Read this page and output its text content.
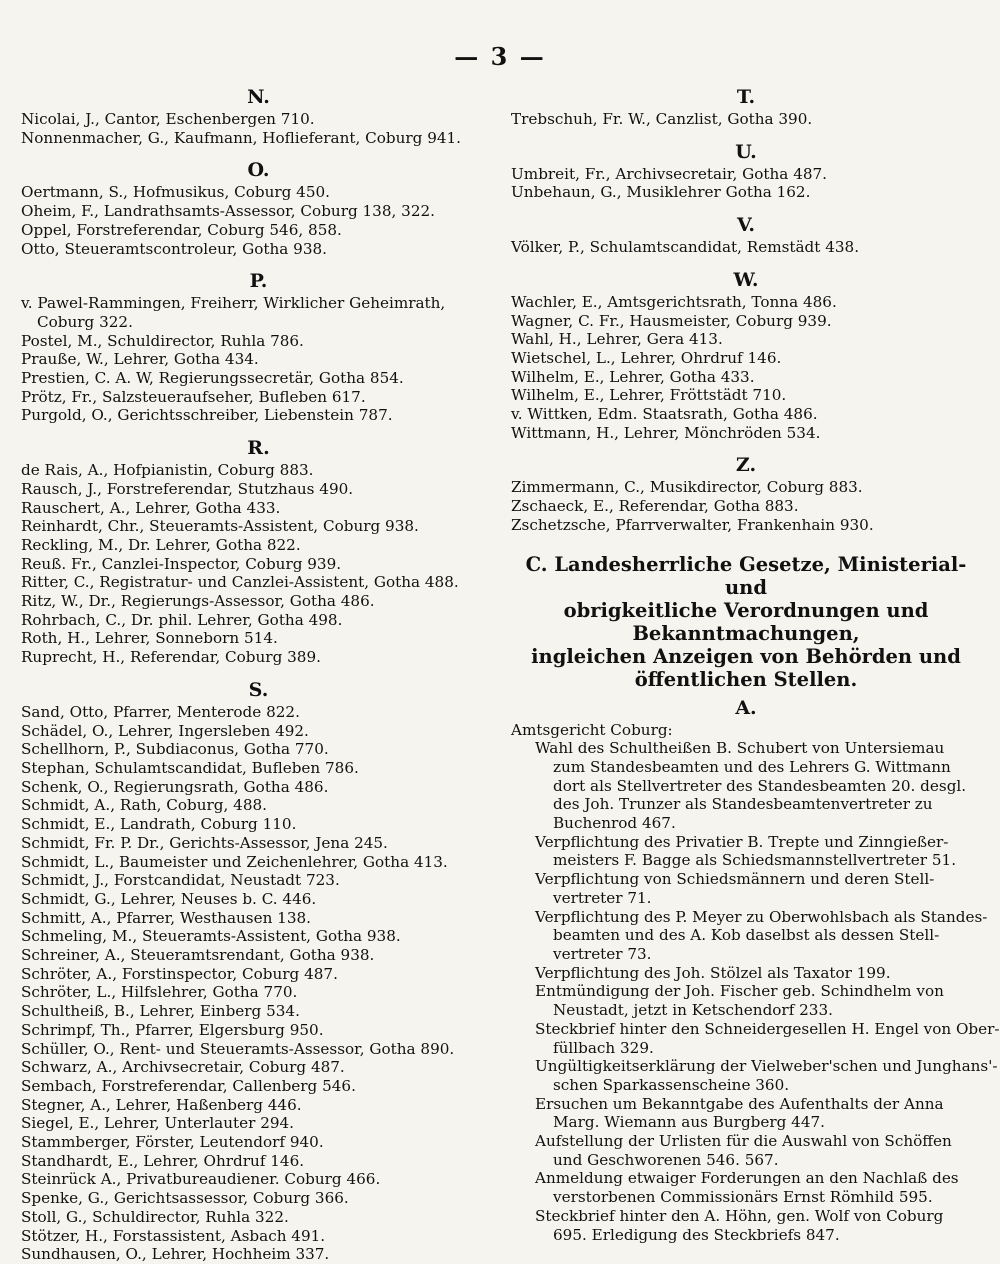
— 3 —
N.
Nicolai, J., Cantor, Eschenbergen 710.
Nonnenmacher, G., Kaufmann, Hoflieferant, Coburg 941.
O.
Oertmann, S., Hofmusikus, Coburg 450.
Oheim, F., Landrathsamts-Assessor, Coburg 138, 322.
Oppel, Forstreferendar, Coburg 546, 858.
Otto, Steueramtscontroleur, Gotha 938.
P.
v. Pawel-Rammingen, Freiherr, Wirklicher Geheimrath,
Coburg 322.
Postel, M., Schuldirector, Ruhla 786.
Prauße, W., Lehrer, Gotha 434.
Prestien, C. A. W, Regierungssecretär, Gotha 854.
Prötz, Fr., Salzsteueraufseher, Bufleben 617.
Purgold, O., Gerichtsschreiber, Liebenstein 787.
R.
de Rais, A., Hofpianistin, Coburg 883.
Rausch, J., Forstreferendar, Stutzhaus 490.
Rauschert, A., Lehrer, Gotha 433.
Reinhardt, Chr., Steueramts-Assistent, Coburg 938.
Reckling, M., Dr. Lehrer, Gotha 822.
Reuß. Fr., Canzlei-Inspector, Coburg 939.
Ritter, C., Registratur- und Canzlei-Assistent, Gotha 488.
Ritz, W., Dr., Regierungs-Assessor, Gotha 486.
Rohrbach, C., Dr. phil. Lehrer, Gotha 498.
Roth, H., Lehrer, Sonneborn 514.
Ruprecht, H., Referendar, Coburg 389.
S.
Sand, Otto, Pfarrer, Menterode 822.
Schädel, O., Lehrer, Ingersleben 492.
Schellhorn, P., Subdiaconus, Gotha 770.
Stephan, Schulamtscandidat, Bufleben 786.
Schenk, O., Regierungsrath, Gotha 486.
Schmidt, A., Rath, Coburg, 488.
Schmidt, E., Landrath, Coburg 110.
Schmidt, Fr. P. Dr., Gerichts-Assessor, Jena 245.
Schmidt, L., Baumeister und Zeichenlehrer, Gotha 413.
Schmidt, J., Forstcandidat, Neustadt 723.
Schmidt, G., Lehrer, Neuses b. C. 446.
Schmitt, A., Pfarrer, Westhausen 138.
Schmeling, M., Steueramts-Assistent, Gotha 938.
Schreiner, A., Steueramtsrendant, Gotha 938.
Schröter, A., Forstinspector, Coburg 487.
Schröter, L., Hilfslehrer, Gotha 770.
Schultheiß, B., Lehrer, Einberg 534.
Schrimpf, Th., Pfarrer, Elgersburg 950.
Schüller, O., Rent- und Steueramts-Assessor, Gotha 890.
Schwarz, A., Archivsecretair, Coburg 487.
Sembach, Forstreferendar, Callenberg 546.
Stegner, A., Lehrer, Haßenberg 446.
Siegel, E., Lehrer, Unterlauter 294.
Stammberger, Förster, Leutendorf 940.
Standhardt, E., Lehrer, Ohrdruf 146.
Steinrück A., Privatbureaudiener. Coburg 466.
Spenke, G., Gerichtsassessor, Coburg 366.
Stoll, G., Schuldirector, Ruhla 322.
Stötzer, H., Forstassistent, Asbach 491.
Sundhausen, O., Lehrer, Hochheim 337.
T.
Trebschuh, Fr. W., Canzlist, Gotha 390.
U.
Umbreit, Fr., Archivsecretair, Gotha 487.
Unbehaun, G., Musiklehrer Gotha 162.
V.
Völker, P., Schulamtscandidat, Remstädt 438.
W.
Wachler, E., Amtsgerichtsrath, Tonna 486.
Wagner, C. Fr., Hausmeister, Coburg 939.
Wahl, H., Lehrer, Gera 413.
Wietschel, L., Lehrer, Ohrdruf 146.
Wilhelm, E., Lehrer, Gotha 433.
Wilhelm, E., Lehrer, Fröttstädt 710.
v. Wittken, Edm. Staatsrath, Gotha 486.
Wittmann, H., Lehrer, Mönchröden 534.
Z.
Zimmermann, C., Musikdirector, Coburg 883.
Zschaeck, E., Referendar, Gotha 883.
Zschetzsche, Pfarrverwalter, Frankenhain 930.
C. Landesherrliche Gesetze, Ministerial- und
obrigkeitliche Verordnungen und Bekanntmachungen,
ingleichen Anzeigen von Behörden und
öffentlichen Stellen.
A.
Amtsgericht Coburg:
Wahl des Schultheißen B. Schubert von Untersiemau
zum Standesbeamten und des Lehrers G. Wittmann
dort als Stellvertreter des Standesbeamten 20. desgl.
des Joh. Trunzer als Standesbeamtenvertreter zu
Buchenrod 467.
Verpflichtung des Privatier B. Trepte und Zinngießer-
meisters F. Bagge als Schiedsmannstellvertreter 51.
Verpflichtung von Schiedsmännern und deren Stell-
vertreter 71.
Verpflichtung des P. Meyer zu Oberwohlsbach als Standes-
beamten und des A. Kob daselbst als dessen Stell-
vertreter 73.
Verpflichtung des Joh. Stölzel als Taxator 199.
Entmündigung der Joh. Fischer geb. Schindhelm von
Neustadt, jetzt in Ketschendorf 233.
Steckbrief hinter den Schneidergesellen H. Engel von Ober-
füllbach 329.
Ungültigkeitserklärung der Vielweber'schen und Junghans'-
schen Sparkassenscheine 360.
Ersuchen um Bekanntgabe des Aufenthalts der Anna
Marg. Wiemann aus Burgberg 447.
Aufstellung der Urlisten für die Auswahl von Schöffen
und Geschworenen 546. 567.
Anmeldung etwaiger Forderungen an den Nachlaß des
verstorbenen Commissionärs Ernst Römhild 595.
Steckbrief hinter den A. Höhn, gen. Wolf von Coburg
695. Erledigung des Steckbriefs 847.
